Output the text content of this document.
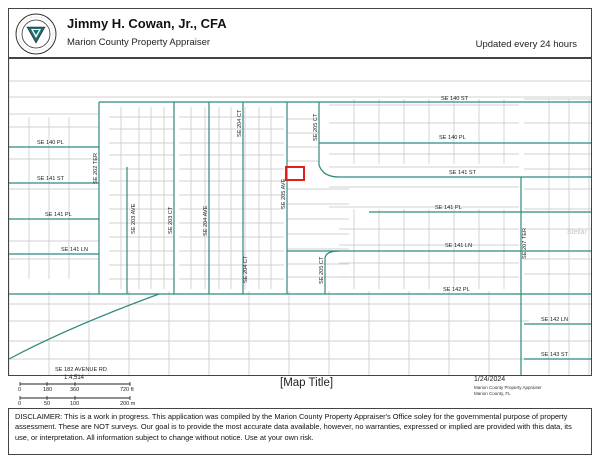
Jimmy H. Cowan, Jr., CFA
Marion County Property Appraiser	Updated every 24 hours
SE 140 ST
SE 140 PL
SE 140 PL
SE 141 ST
SE 141 ST
SE 141 PL
SE 141 PL
SE 141 LN
SE 141 LN
SE 142 PL
SE 142 LN
SE 143 ST
SE 182 AVENUE RD
SE 202 TER
SE 203 AVE	SE 203 CT	SE 204 AVE
SE 204 CT
SE 204 CT
SE 205 AVE
SE 205 CT
SE 205 CT
SE 207 TER	Stellar
1:4,514
0	180	360	720 ft
0	50	100	200 m
[Map Title]	1/24/2024
Marion County Property Appraiser
Marion County, FL
DISCLAIMER: This is a work in progress. This application was compiled by the Marion County Property Appraiser's Office soley for the governmental purpose of property assessment. These are NOT surveys. Our goal is to provide the most accurate data available, however, no warranties, expressed or implied are provided with this data, its use, or interpretation. All information subject to change without notice. Use at your own risk.
